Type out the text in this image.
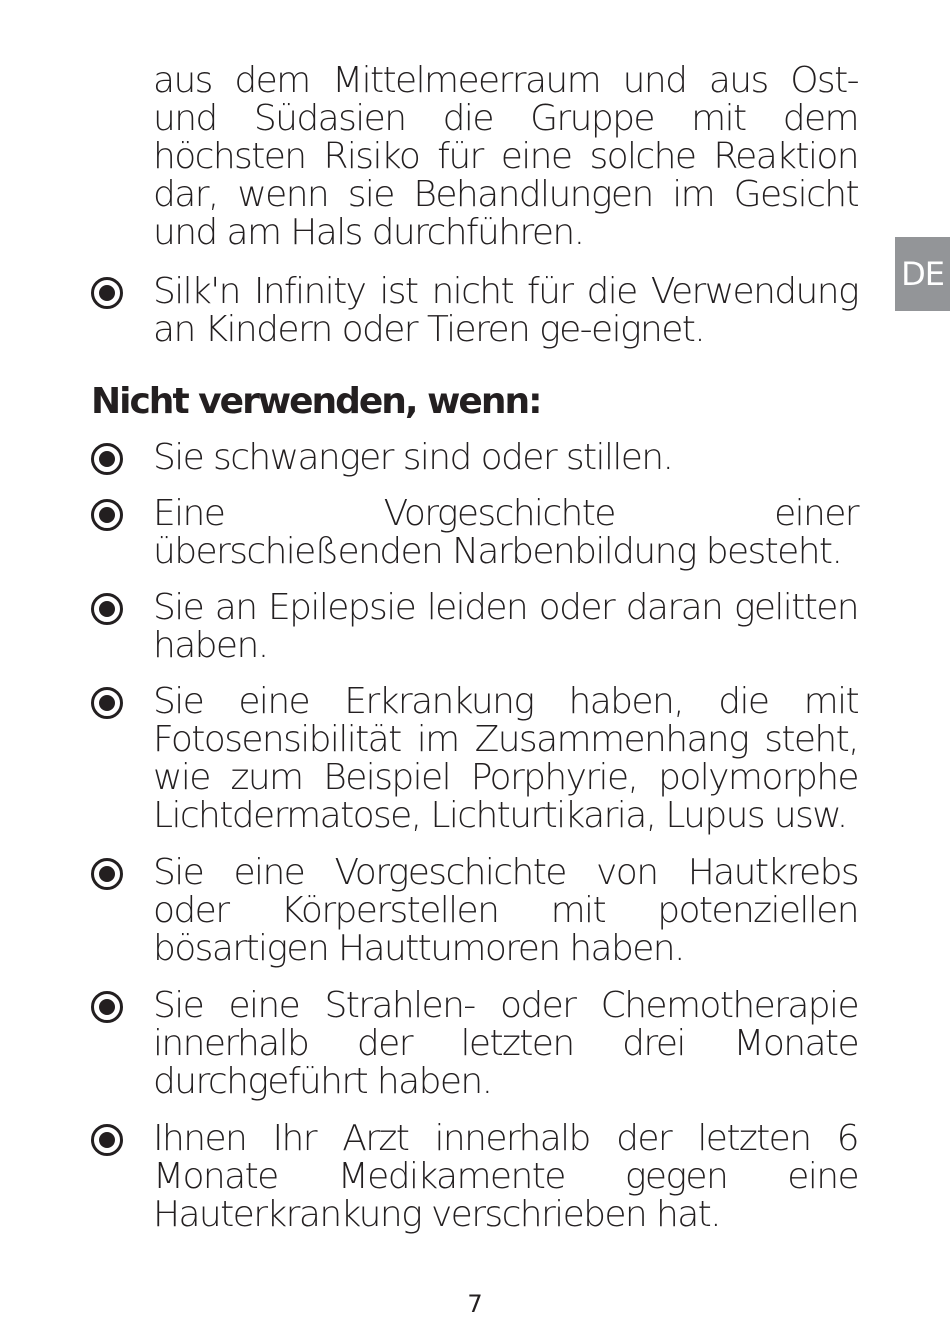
aus dem Mittelmeerraum und aus Ost- und Südasien die Gruppe mit dem höchsten Risiko für eine solche Reaktion dar, wenn sie Behandlungen im Gesicht und am Hals durchführen.

Silk'n Infinity ist nicht für die Verwendung an Kindern oder Tieren ge-eignet.

Nicht verwenden, wenn:

Sie schwanger sind oder stillen.

Eine Vorgeschichte einer überschießenden Narbenbildung besteht.

Sie an Epilepsie leiden oder daran gelitten haben.

Sie eine Erkrankung haben, die mit Fotosensibilität im Zusammenhang steht, wie zum Beispiel Porphyrie, polymorphe Lichtdermatose, Lichturtikaria, Lupus usw.

Sie eine Vorgeschichte von Hautkrebs oder Körperstellen mit potenziellen bösartigen Hauttumoren haben.

Sie eine Strahlen- oder Chemotherapie innerhalb der letzten drei Monate durchgeführt haben.

Ihnen Ihr Arzt innerhalb der letzten 6 Monate Medikamente gegen eine Hauterkrankung verschrieben hat.

DE
7
